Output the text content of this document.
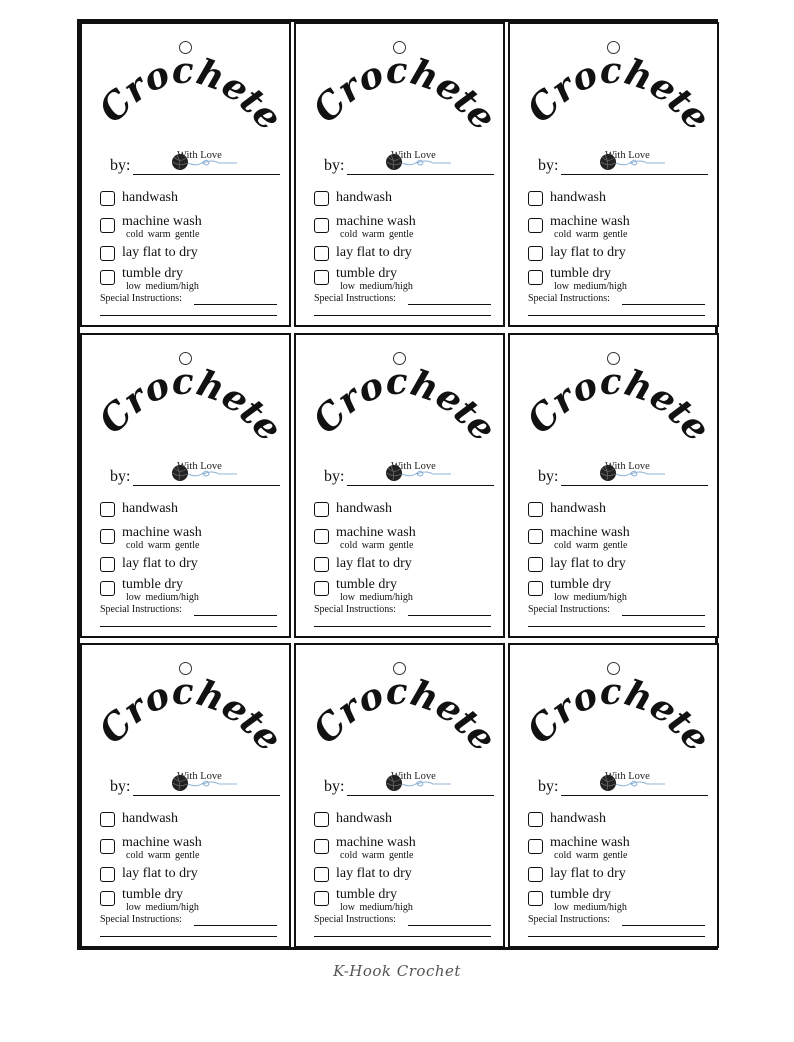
Crocheted
With Love
by:
handwash
machine wash
cold warm gentle
lay flat to dry
tumble dry
low medium/high
Special Instructions:
Crocheted
With Love
by:
handwash
machine wash
cold warm gentle
lay flat to dry
tumble dry
low medium/high
Special Instructions:
Crocheted
With Love
by:
handwash
machine wash
cold warm gentle
lay flat to dry
tumble dry
low medium/high
Special Instructions:
Crocheted
With Love
by:
handwash
machine wash
cold warm gentle
lay flat to dry
tumble dry
low medium/high
Special Instructions:
Crocheted
With Love
by:
handwash
machine wash
cold warm gentle
lay flat to dry
tumble dry
low medium/high
Special Instructions:
Crocheted
With Love
by:
handwash
machine wash
cold warm gentle
lay flat to dry
tumble dry
low medium/high
Special Instructions:
Crocheted
With Love
by:
handwash
machine wash
cold warm gentle
lay flat to dry
tumble dry
low medium/high
Special Instructions:
Crocheted
With Love
by:
handwash
machine wash
cold warm gentle
lay flat to dry
tumble dry
low medium/high
Special Instructions:
Crocheted
With Love
by:
handwash
machine wash
cold warm gentle
lay flat to dry
tumble dry
low medium/high
Special Instructions:
K-Hook Crochet
